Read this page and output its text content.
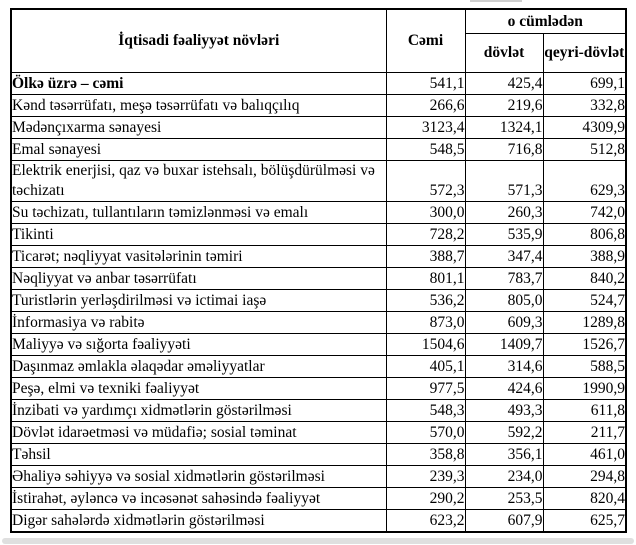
İqtisadi fəaliyyət növləri	Cəmi	o cümlədən	
		dövlət	qeyri-dövlət
Ölkə üzrə – cəmi	541,1	425,4	699,1
Kənd təsərrüfatı, meşə təsərrüfatı və balıqçılıq	266,6	219,6	332,8
Mədənçıxarma sənayesi	3123,4	1324,1	4309,9
Emal sənayesi	548,5	716,8	512,8
Elektrik enerjisi, qaz və buxar istehsalı, bölüşdürülməsi və təchizatı	572,3	571,3	629,3
Su təchizatı, tullantıların təmizlənməsi və emalı	300,0	260,3	742,0
Tikinti	728,2	535,9	806,8
Ticarət; nəqliyyat vasitələrinin təmiri	388,7	347,4	388,9
Nəqliyyat və anbar təsərrüfatı	801,1	783,7	840,2
Turistlərin yerləşdirilməsi və ictimai iaşə	536,2	805,0	524,7
İnformasiya və rabitə	873,0	609,3	1289,8
Maliyyə və sığorta fəaliyyəti	1504,6	1409,7	1526,7
Daşınmaz əmlakla əlaqədar əməliyyatlar	405,1	314,6	588,5
Peşə, elmi və texniki fəaliyyət	977,5	424,6	1990,9
İnzibati və yardımçı xidmətlərin göstərilməsi	548,3	493,3	611,8
Dövlət idarəetməsi və müdafiə; sosial təminat	570,0	592,2	211,7
Təhsil	358,8	356,1	461,0
Əhaliyə səhiyyə və sosial xidmətlərin göstərilməsi	239,3	234,0	294,8
İstirahət, əyləncə və incəsənət sahəsində fəaliyyət	290,2	253,5	820,4
Digər sahələrdə xidmətlərin göstərilməsi	623,2	607,9	625,7
